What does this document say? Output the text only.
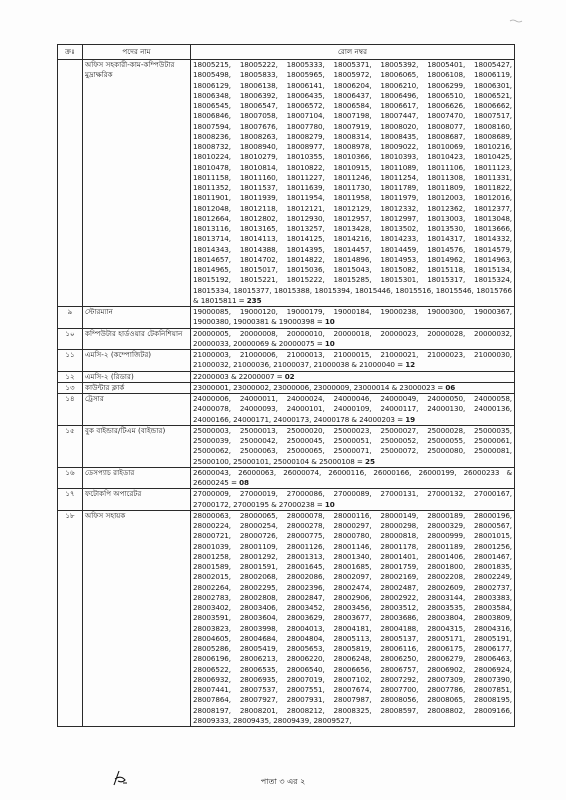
ক্রঃ	পদের নাম	রোল নম্বর
	অফিস সহকারী-কাম-কম্পিউটার মুদ্রাক্ষরিক	18005215, 18005222, 18005333, 18005371, 18005392, 18005401, 18005427, 18005498, 18005833, 18005965, 18005972, 18006065, 18006108, 18006119, 18006129, 18006138, 18006141, 18006204, 18006210, 18006299, 18006301, 18006348, 18006392, 18006435, 18006437, 18006496, 18006510, 18006521, 18006545, 18006547, 18006572, 18006584, 18006617, 18006626, 18006662, 18006846, 18007058, 18007104, 18007198, 18007447, 18007470, 18007517, 18007594, 18007676, 18007780, 18007919, 18008020, 18008077, 18008160, 18008236, 18008263, 18008279, 18008314, 18008435, 18008687, 18008689, 18008732, 18008940, 18008977, 18008978, 18009022, 18010069, 18010216, 18010224, 18010279, 18010355, 18010366, 18010393, 18010423, 18010425, 18010478, 18010814, 18010822, 18010915, 18011089, 18011106, 18011123, 18011158, 18011160, 18011227, 18011246, 18011254, 18011308, 18011331, 18011352, 18011537, 18011639, 18011730, 18011789, 18011809, 18011822, 18011901, 18011939, 18011954, 18011958, 18011979, 18012003, 18012016, 18012048, 18012118, 18012121, 18012129, 18012332, 18012362, 18012377, 18012664, 18012802, 18012930, 18012957, 18012997, 18013003, 18013048, 18013116, 18013165, 18013257, 18013428, 18013502, 18013530, 18013666, 18013714, 18014113, 18014125, 18014216, 18014233, 18014317, 18014332, 18014343, 18014388, 18014395, 18014457, 18014459, 18014576, 18014579, 18014657, 18014702, 18014822, 18014896, 18014953, 18014962, 18014963, 18014965, 18015017, 18015036, 18015043, 18015082, 18015118, 18015134, 18015192, 18015221, 18015222, 18015285, 18015301, 18015317, 18015324, 18015334, 18015377, 18015388, 18015394, 18015446, 18015516, 18015546, 18015766 & 18015811 = 235
৯	স্টোরম্যান	19000085, 19000120, 19000179, 19000184, 19000238, 19000300, 19000367, 19000380, 19000381 & 19000398 = 10
১০	কম্পিউটার হার্ডওয়ার টেকনিশিয়ান	20000005, 20000008, 20000010, 20000018, 20000023, 20000028, 20000032, 20000033, 20000069 & 20000075 = 10
১১	এমসি-২ (কম্পোজিটর)	21000003, 21000006, 21000013, 21000015, 21000021, 21000023, 21000030, 21000032, 21000036, 21000037, 21000038 & 21000040 = 12
১২	এমসি-২ (রিডার)	22000003 & 22000007 = 02
১৩	কাউন্টার ক্লার্ক	23000001, 23000002, 23000006, 23000009, 23000014 & 23000023 = 06
১৪	ট্রেসার	24000006, 24000011, 24000024, 24000046, 24000049, 24000050, 24000058, 24000078, 24000093, 24000101, 24000109, 24000117, 24000130, 24000136, 24000166, 24000171, 24000173, 24000178 & 24000203 = 19
১৫	বুক বাইন্ডার/টিএম (বাইন্ডার)	25000003, 25000013, 25000020, 25000023, 25000027, 25000028, 25000035, 25000039, 25000042, 25000045, 25000051, 25000052, 25000055, 25000061, 25000062, 25000063, 25000065, 25000071, 25000072, 25000080, 25000081, 25000100, 25000101, 25000104 & 25000108 = 25
১৬	ডেসপ্যাচ রাইডার	26000043, 26000063, 26000074, 26000116, 26000166, 26000199, 26000233 & 26000245 = 08
১৭	ফটোকপি অপারেটর	27000009, 27000019, 27000086, 27000089, 27000131, 27000132, 27000167, 27000172, 27000195 & 27000238 = 10
১৮	অফিস সহায়ক	28000063, 28000065, 28000078, 28000116, 28000149, 28000189, 28000196, 28000224, 28000254, 28000278, 28000297, 28000298, 28000329, 28000567, 28000721, 28000726, 28000775, 28000780, 28000818, 28000999, 28001015, 28001039, 28001109, 28001126, 28001146, 28001178, 28001189, 28001256, 28001258, 28001292, 28001313, 28001340, 28001401, 28001406, 28001467, 28001589, 28001591, 28001645, 28001685, 28001759, 28001800, 28001835, 28002015, 28002068, 28002086, 28002097, 28002169, 28002208, 28002249, 28002264, 28002295, 28002396, 28002474, 28002487, 28002609, 28002737, 28002783, 28002808, 28002847, 28002906, 28002922, 28003144, 28003383, 28003402, 28003406, 28003452, 28003456, 28003512, 28003535, 28003584, 28003591, 28003604, 28003629, 28003677, 28003686, 28003804, 28003809, 28003823, 28003998, 28004013, 28004181, 28004188, 28004315, 28004316, 28004605, 28004684, 28004804, 28005113, 28005137, 28005171, 28005191, 28005286, 28005419, 28005653, 28005819, 28006116, 28006175, 28006177, 28006196, 28006213, 28006220, 28006248, 28006250, 28006279, 28006463, 28006522, 28006535, 28006540, 28006656, 28006757, 28006902, 28006924, 28006932, 28006935, 28007019, 28007102, 28007292, 28007309, 28007390, 28007441, 28007537, 28007551, 28007674, 28007700, 28007786, 28007851, 28007864, 28007927, 28007931, 28007987, 28008056, 28008065, 28008195, 28008197, 28008201, 28008212, 28008325, 28008597, 28008802, 28009166, 28009333, 28009435, 28009439, 28009527,
পাতা ৩ এর ২
